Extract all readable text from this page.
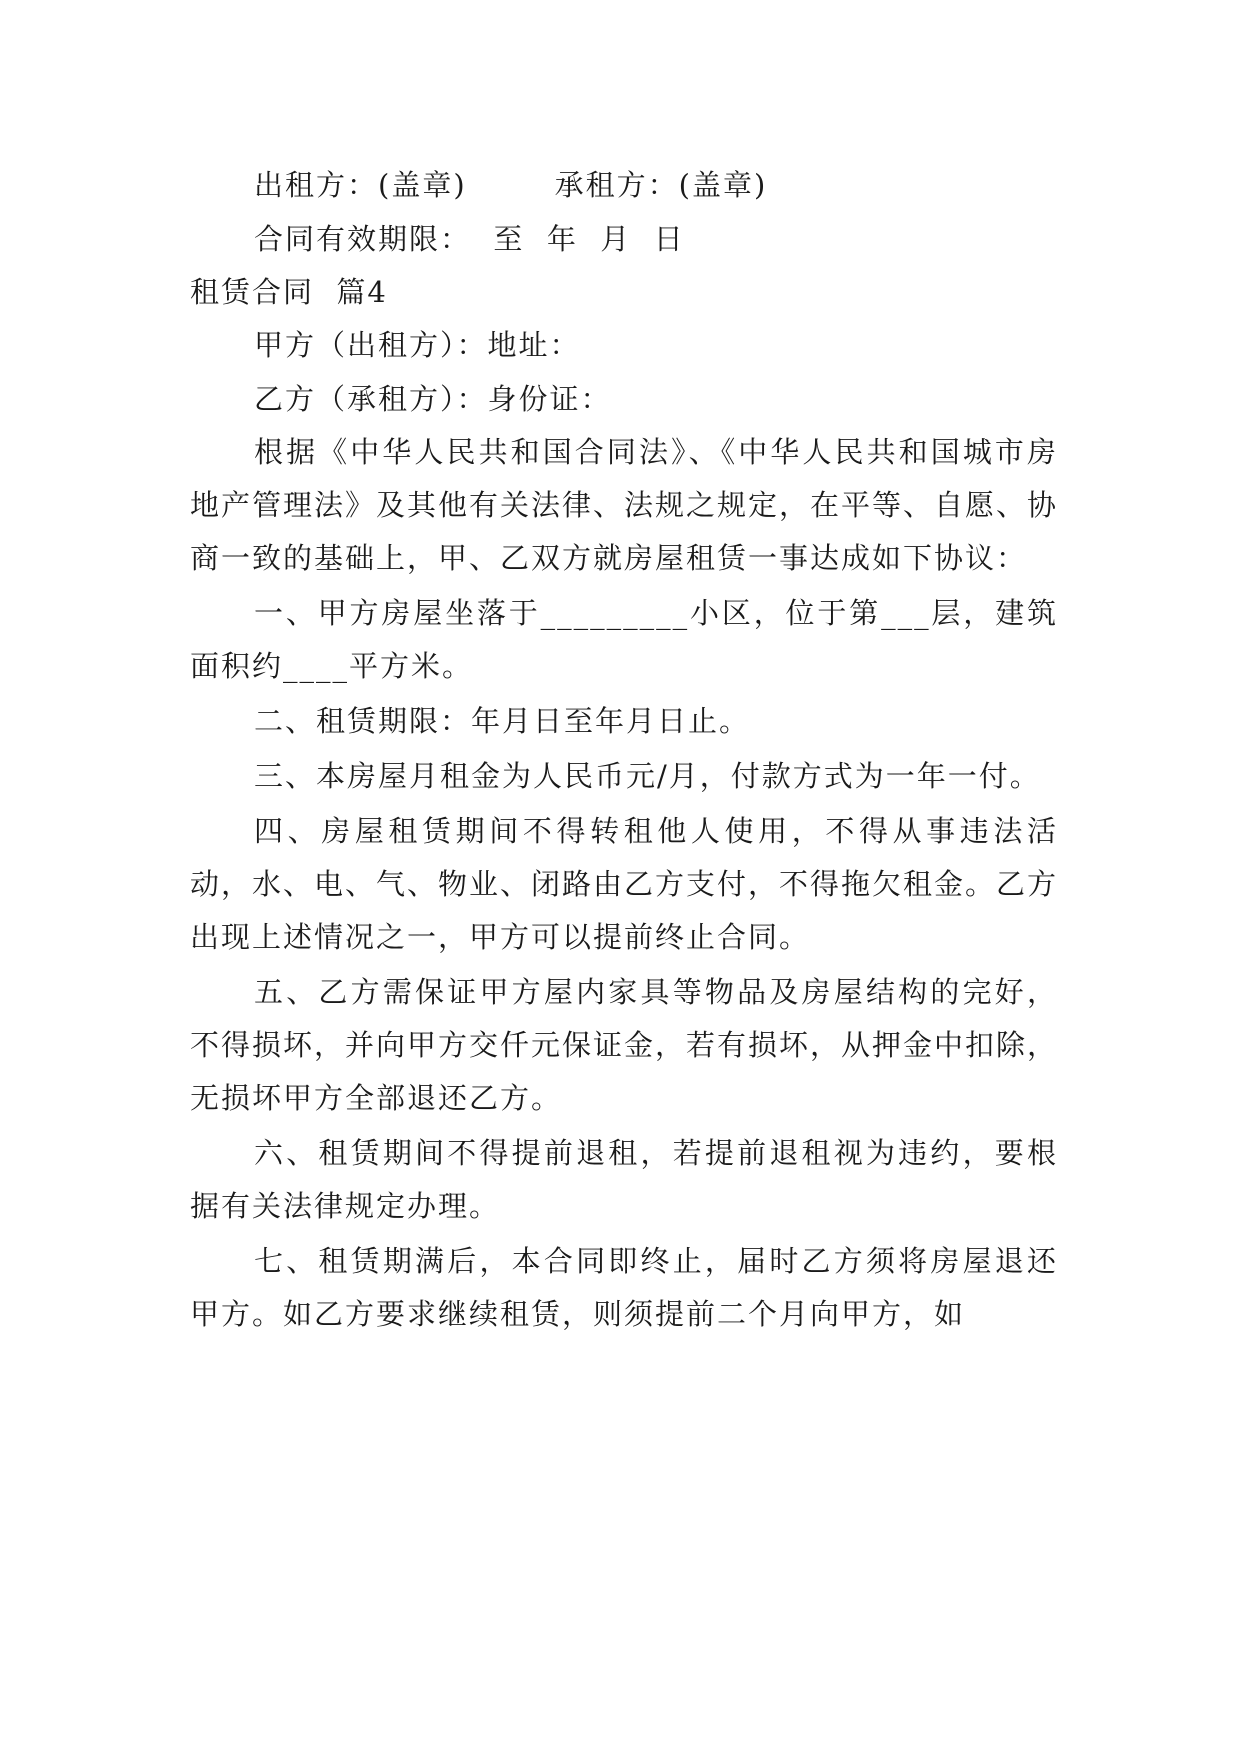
出租方：(盖章)	承租方：(盖章)
合同有效期限：  至  年  月  日
租赁合同  篇4
甲方（出租方）：地址：
乙方（承租方）：身份证：
根据《中华人民共和国合同法》、《中华人民共和国城市房地产管理法》及其他有关法律、法规之规定，在平等、自愿、协商一致的基础上，甲、乙双方就房屋租赁一事达成如下协议：
一、甲方房屋坐落于_________小区，位于第___层，建筑面积约____平方米。
二、租赁期限：年月日至年月日止。
三、本房屋月租金为人民币元/月，付款方式为一年一付。
四、房屋租赁期间不得转租他人使用，不得从事违法活动，水、电、气、物业、闭路由乙方支付，不得拖欠租金。乙方出现上述情况之一，甲方可以提前终止合同。
五、乙方需保证甲方屋内家具等物品及房屋结构的完好，不得损坏，并向甲方交仟元保证金，若有损坏，从押金中扣除，无损坏甲方全部退还乙方。
六、租赁期间不得提前退租，若提前退租视为违约，要根据有关法律规定办理。
七、租赁期满后，本合同即终止，届时乙方须将房屋退还甲方。如乙方要求继续租赁，则须提前二个月向甲方，如
